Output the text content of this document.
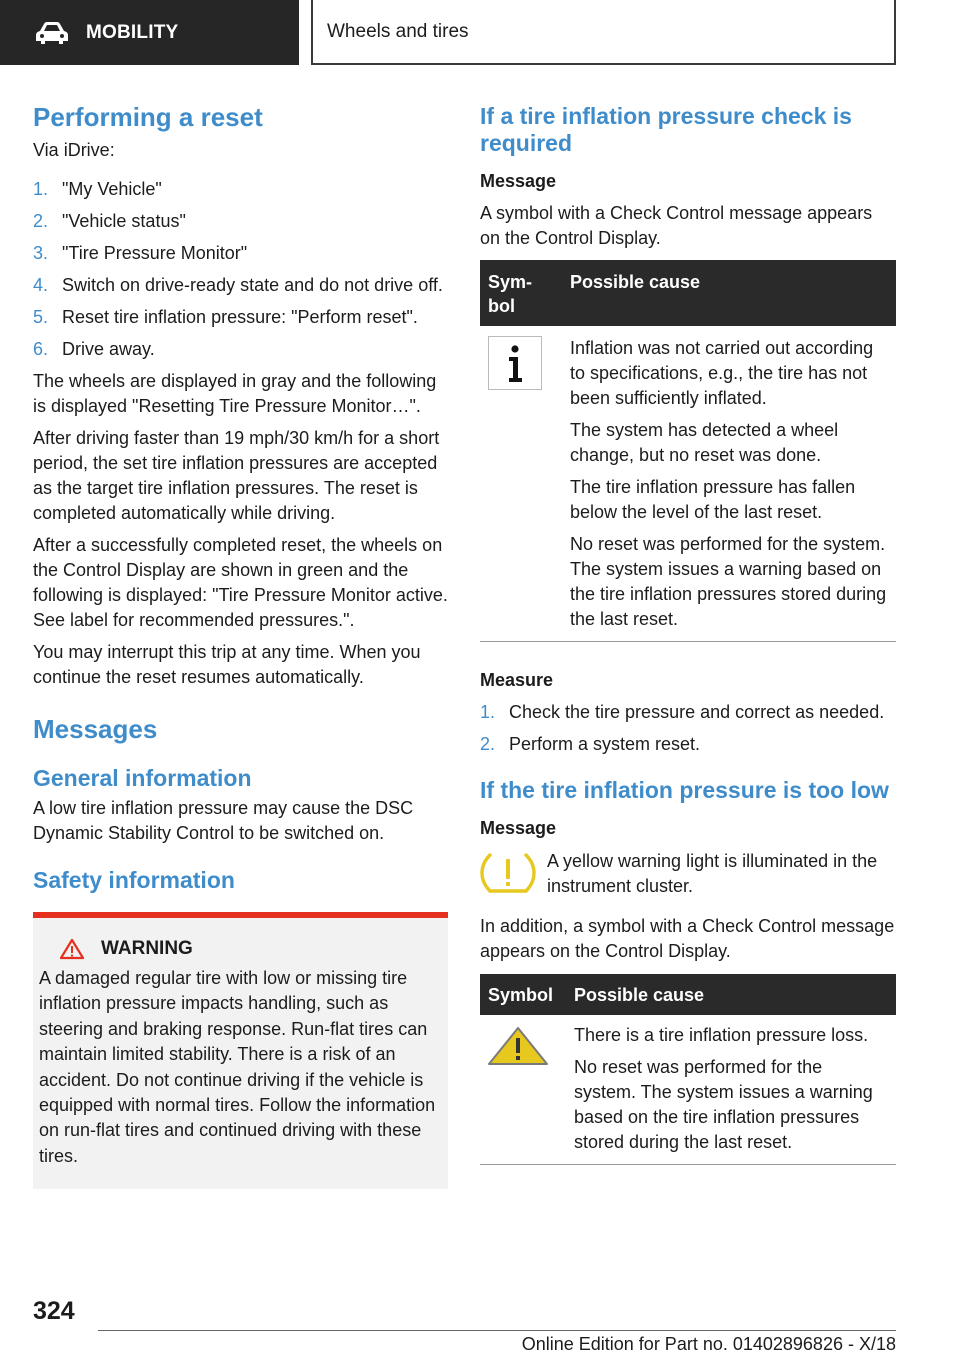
MOBILITY	Wheels and tires
Performing a reset

Via iDrive:

1. "My Vehicle"
2. "Vehicle status"
3. "Tire Pressure Monitor"
4. Switch on drive-ready state and do not drive off.
5. Reset tire inflation pressure: "Perform reset".
6. Drive away.

The wheels are displayed in gray and the following is displayed "Resetting Tire Pressure Monitor…".

After driving faster than 19 mph/30 km/h for a short period, the set tire inflation pressures are accepted as the target tire inflation pressures. The reset is completed automatically while driving.

After a successfully completed reset, the wheels on the Control Display are shown in green and the following is displayed: "Tire Pressure Monitor active. See label for recommended pressures.".

You may interrupt this trip at any time. When you continue the reset resumes automatically.

Messages
General information

A low tire inflation pressure may cause the DSC Dynamic Stability Control to be switched on.

Safety information
WARNING

A damaged regular tire with low or missing tire inflation pressure impacts handling, such as steering and braking response. Run-flat tires can maintain limited stability. There is a risk of an accident. Do not continue driving if the vehicle is equipped with normal tires. Follow the information on run-flat tires and continued driving with these tires.

If a tire inflation pressure check is required

Message

A symbol with a Check Control message appears on the Control Display.

Sym-
bol	Possible cause

Inflation was not carried out according to specifications, e.g., the tire has not been sufficiently inflated.

The system has detected a wheel change, but no reset was done.

The tire inflation pressure has fallen below the level of the last reset.

No reset was performed for the system. The system issues a warning based on the tire inflation pressures stored during the last reset.

Measure

1. Check the tire pressure and correct as needed.
2. Perform a system reset.
If the tire inflation pressure is too low

Message

A yellow warning light is illuminated in the instrument cluster.

In addition, a symbol with a Check Control message appears on the Control Display.

Symbol	Possible cause

There is a tire inflation pressure loss.

No reset was performed for the system. The system issues a warning based on the tire inflation pressures stored during the last reset.

324
Online Edition for Part no. 01402896826 - X/18
